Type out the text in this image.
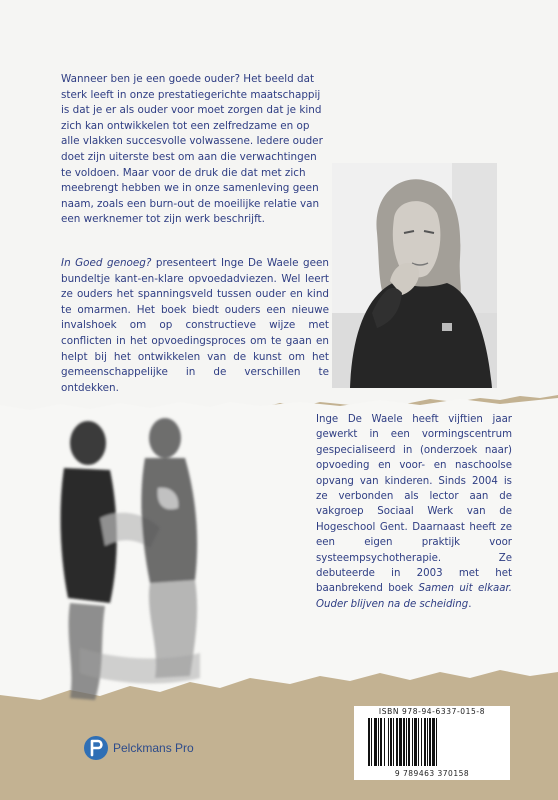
Wanneer ben je een goede ouder? Het beeld dat sterk leeft in onze prestatiegerichte maatschappij is dat je er als ouder voor moet zorgen dat je kind zich kan ontwikkelen tot een zelfredzame en op alle vlakken succesvolle volwassene. Iedere ouder doet zijn uiterste best om aan die verwachtingen te voldoen. Maar voor de druk die dat met zich meebrengt hebben we in onze samenleving geen naam, zoals een burn-out de moeilijke relatie van een werknemer tot zijn werk beschrijft.
In Goed genoeg? presenteert Inge De Waele geen bundeltje kant-en-klare opvoedadviezen. Wel leert ze ouders het spanningsveld tussen ouder en kind te omarmen. Het boek biedt ouders een nieuwe invalshoek om op constructieve wijze met conflicten in het opvoedingsproces om te gaan en helpt bij het ontwikkelen van de kunst om het gemeenschappelijke in de verschillen te ontdekken.
Inge De Waele heeft vijftien jaar gewerkt in een vormingscentrum gespecialiseerd in (onderzoek naar) opvoeding en voor- en naschoolse opvang van kinderen. Sinds 2004 is ze verbonden als lector aan de vakgroep Sociaal Werk van de Hogeschool Gent. Daarnaast heeft ze een eigen praktijk voor systeempsychotherapie. Ze debuteerde in 2003 met het baanbrekend boek Samen uit elkaar. Ouder blijven na de scheiding.
Pelckmans Pro
ISBN 978-94-6337-015-8
9 789463 370158
